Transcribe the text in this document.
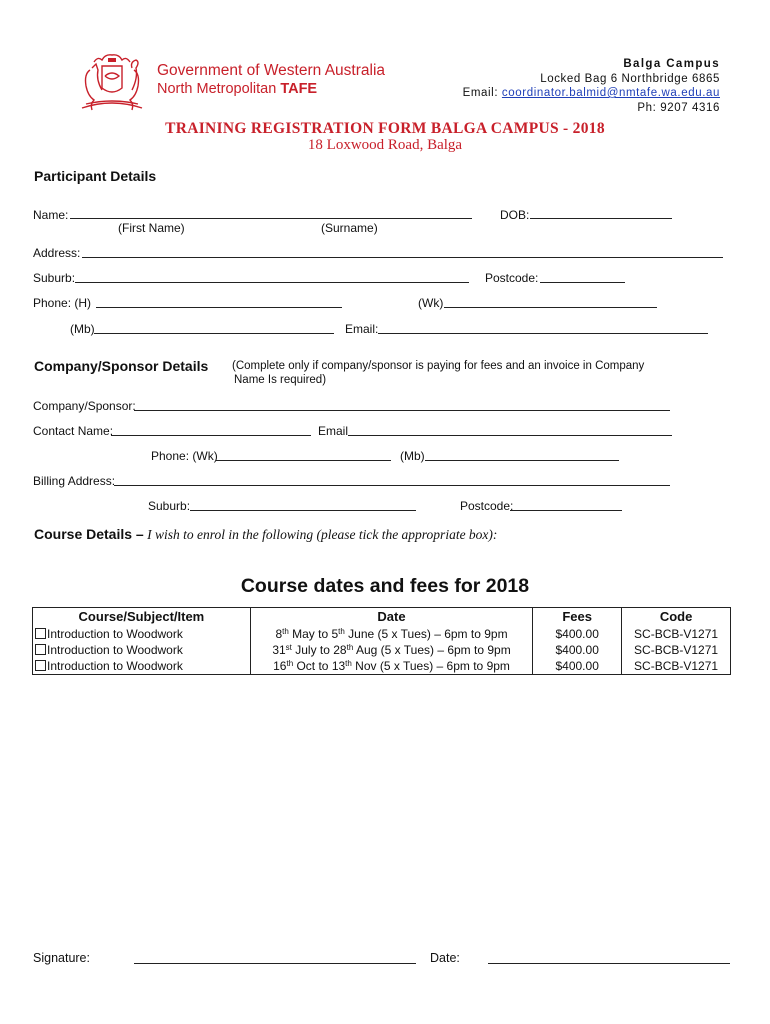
Government of Western Australia
North Metropolitan TAFE
Balga Campus
Locked Bag 6 Northbridge 6865
Email: coordinator.balmid@nmtafe.wa.edu.au
Ph: 9207 4316
TRAINING REGISTRATION FORM BALGA CAMPUS - 2018
18 Loxwood Road, Balga
Participant Details
Name:	DOB:
(First Name)	(Surname)
Address:
Suburb:	Postcode:
Phone: (H)	(Wk)
(Mb)	Email:
Company/Sponsor Details (Complete only if company/sponsor is paying for fees and an invoice in Company
Name Is required)
Company/Sponsor:
Contact Name:	Email
Phone: (Wk)	(Mb)
Billing Address:
Suburb:	Postcode:
Course Details – I wish to enrol in the following (please tick the appropriate box):
Course dates and fees for 2018
Course/Subject/Item	Date	Fees	Code
Introduction to Woodwork	8th May to 5th June (5 x Tues) – 6pm to 9pm	$400.00	SC-BCB-V1271
Introduction to Woodwork	31st July to 28th Aug (5 x Tues) – 6pm to 9pm	$400.00	SC-BCB-V1271
Introduction to Woodwork	16th Oct to 13th Nov (5 x Tues) – 6pm to 9pm	$400.00	SC-BCB-V1271
Signature:	Date:
